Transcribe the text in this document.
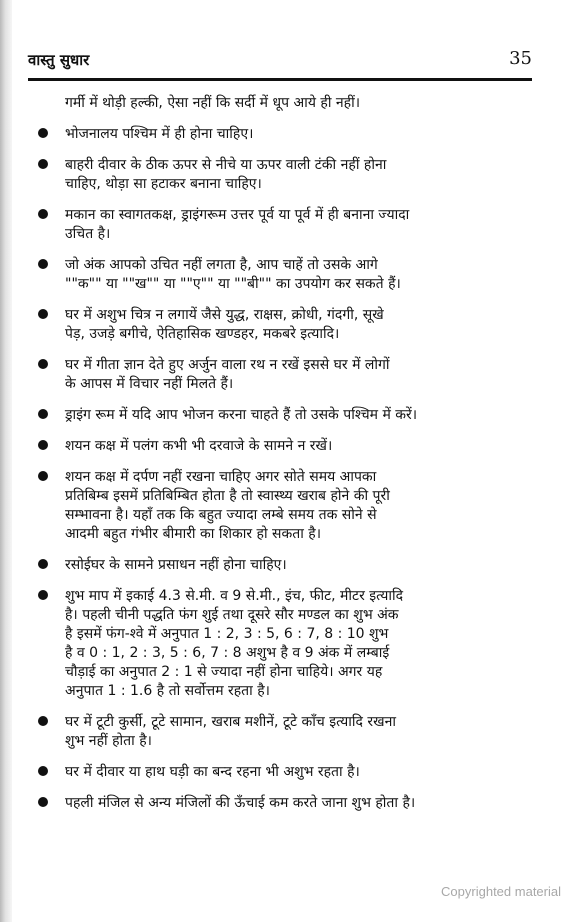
वास्तु सुधार	35

गर्मी में थोड़ी हल्की, ऐसा नहीं कि सर्दी में धूप आये ही नहीं।

भोजनालय पश्चिम में ही होना चाहिए।

बाहरी दीवार के ठीक ऊपर से नीचे या ऊपर वाली टंकी नहीं होना

चाहिए, थोड़ा सा हटाकर बनाना चाहिए।

मकान का स्वागतकक्ष, ड्राइंगरूम उत्तर पूर्व या पूर्व में ही बनाना ज्यादा

उचित है।

जो अंक आपको उचित नहीं लगता है, आप चाहें तो उसके आगे

""क"" या ""ख"" या ""ए"" या ""बी"" का उपयोग कर सकते हैं।

घर में अशुभ चित्र न लगायें जैसे युद्ध, राक्षस, क्रोधी, गंदगी, सूखे

पेड़, उजड़े बगीचे, ऐतिहासिक खण्डहर, मकबरे इत्यादि।

घर में गीता ज्ञान देते हुए अर्जुन वाला रथ न रखें इससे घर में लोगों

के आपस में विचार नहीं मिलते हैं।

ड्राइंग रूम में यदि आप भोजन करना चाहते हैं तो उसके पश्चिम में करें।

शयन कक्ष में पलंग कभी भी दरवाजे के सामने न रखें।

शयन कक्ष में दर्पण नहीं रखना चाहिए अगर सोते समय आपका

प्रतिबिम्ब इसमें प्रतिबिम्बित होता है तो स्वास्थ्य खराब होने की पूरी

सम्भावना है। यहाँ तक कि बहुत ज्यादा लम्बे समय तक सोने से

आदमी बहुत गंभीर बीमारी का शिकार हो सकता है।

रसोईघर के सामने प्रसाधन नहीं होना चाहिए।

शुभ माप में इकाई 4.3 से.मी. व 9 से.मी., इंच, फीट, मीटर इत्यादि

है। पहली चीनी पद्धति फंग शुई तथा दूसरे सौर मण्डल का शुभ अंक

है इसमें फंग-श्वे में अनुपात 1 : 2, 3 : 5, 6 : 7, 8 : 10 शुभ

है व 0 : 1, 2 : 3, 5 : 6, 7 : 8 अशुभ है व 9 अंक में लम्बाई

चौड़ाई का अनुपात 2 : 1 से ज्यादा नहीं होना चाहिये। अगर यह

अनुपात 1 : 1.6 है तो सर्वोत्तम रहता है।

घर में टूटी कुर्सी, टूटे सामान, खराब मशीनें, टूटे काँच इत्यादि रखना

शुभ नहीं होता है।

घर में दीवार या हाथ घड़ी का बन्द रहना भी अशुभ रहता है।

पहली मंजिल से अन्य मंजिलों की ऊँचाई कम करते जाना शुभ होता है।

Copyrighted material
